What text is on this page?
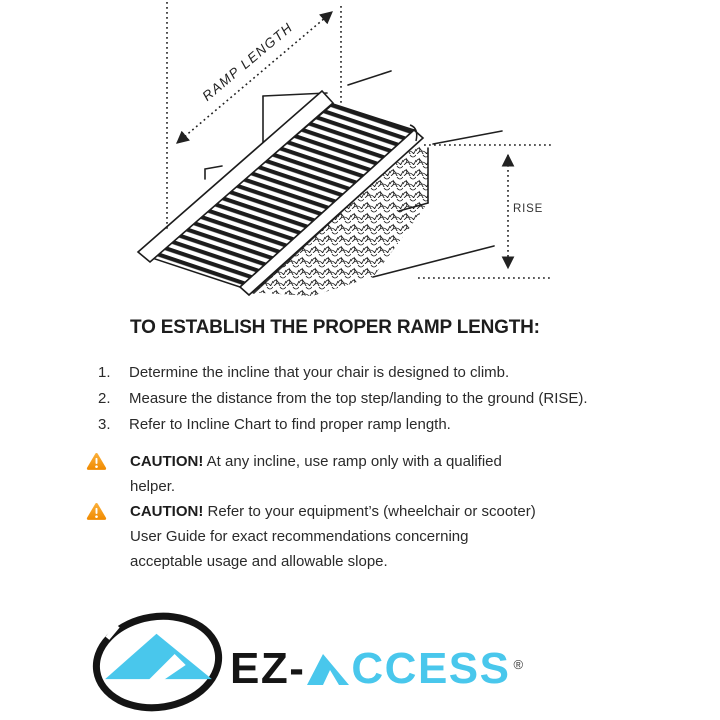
RAMP LENGTH
RISE
TO ESTABLISH THE PROPER RAMP LENGTH:
1.	Determine the incline that your chair is designed to climb.
2.	Measure the distance from the top step/landing to the ground (RISE).
3.	Refer to Incline Chart to find proper ramp length.
CAUTION! At any incline, use ramp only with a qualified
helper.
CAUTION! Refer to your equipment’s (wheelchair or scooter)
User Guide for exact recommendations concerning
acceptable usage and allowable slope.
EZ- CCESS ®
